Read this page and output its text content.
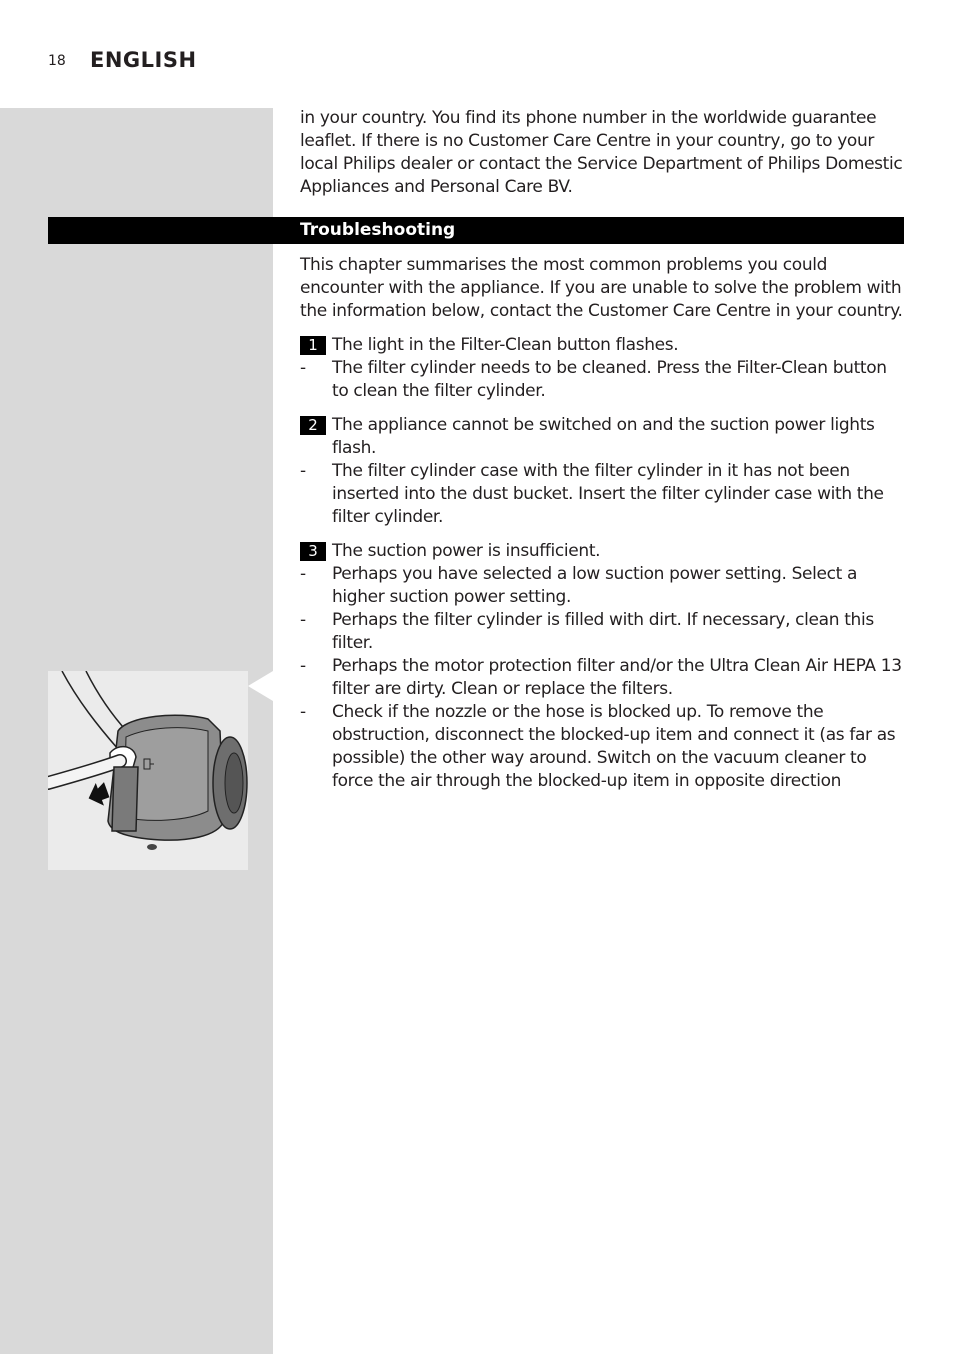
18 ENGLISH

in your country. You find its phone number in the worldwide guarantee leaflet. If there is no Customer Care Centre in your country, go to your local Philips dealer or contact the Service Department of Philips Domestic Appliances and Personal Care BV.

Troubleshooting

This chapter summarises the most common problems you could encounter with the appliance. If you are unable to solve the problem with the information below, contact the Customer Care Centre in your country.

1 The light in the Filter-Clean button flashes.
- The filter cylinder needs to be cleaned. Press the Filter-Clean button to clean the filter cylinder.
2 The appliance cannot be switched on and the suction power lights flash.
- The filter cylinder case with the filter cylinder in it has not been inserted into the dust bucket. Insert the filter cylinder case with the filter cylinder.
3 The suction power is insufficient.
- Perhaps you have selected a low suction power setting. Select a higher suction power setting.
- Perhaps the filter cylinder is filled with dirt. If necessary, clean this filter.
- Perhaps the motor protection filter and/or the Ultra Clean Air HEPA 13 filter are dirty. Clean or replace the filters.
- Check if the nozzle or the hose is blocked up. To remove the obstruction, disconnect the blocked-up item and connect it (as far as possible) the other way around. Switch on the vacuum cleaner to force the air through the blocked-up item in opposite direction
